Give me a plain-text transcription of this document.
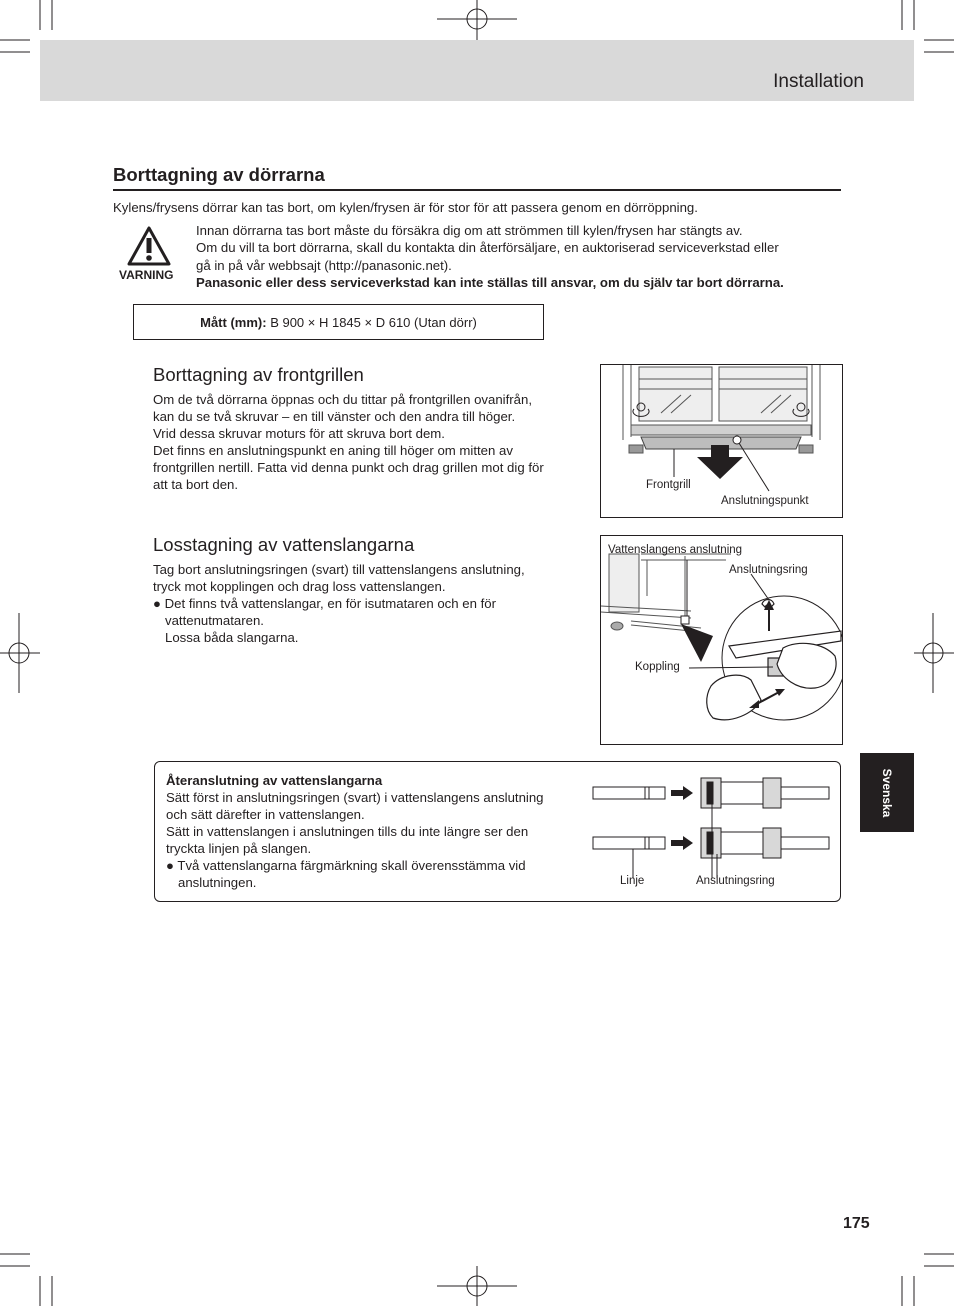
Installation
Borttagning av dörrarna
Kylens/frysens dörrar kan tas bort, om kylen/frysen är för stor för att passera genom en dörröppning.
VARNING
Innan dörrarna tas bort måste du försäkra dig om att strömmen till kylen/frysen har stängts av.
Om du vill ta bort dörrarna, skall du kontakta din återförsäljare, en auktoriserad serviceverkstad eller
gå in på vår webbsajt (http://panasonic.net).
Panasonic eller dess serviceverkstad kan inte ställas till ansvar, om du själv tar bort dörrarna.
Mått (mm):
B 900 × H 1845 × D 610 (Utan dörr)
Borttagning av frontgrillen
Om de två dörrarna öppnas och du tittar på frontgrillen ovanifrån,
kan du se två skruvar – en till vänster och den andra till höger.
Vrid dessa skruvar moturs för att skruva bort dem.
Det finns en anslutningspunkt en aning till höger om mitten av
frontgrillen nertill. Fatta vid denna punkt och drag grillen mot dig för
att ta bort den.	Frontgrill
Anslutningspunkt
Losstagning av vattenslangarna
Tag bort anslutningsringen (svart) till vattenslangens anslutning,
tryck mot kopplingen och drag loss vattenslangen.
● Det finns två vattenslangar, en för isutmataren och en för
vattenutmataren.
Lossa båda slangarna.
Vattenslangens anslutning
Anslutningsring
Koppling
Återanslutning av vattenslangarna
Sätt först in anslutningsringen (svart) i vattenslangens anslutning
och sätt därefter in vattenslangen.
Sätt in vattenslangen i anslutningen tills du inte längre ser den
tryckta linjen på slangen.
● Två vattenslangarna färgmärkning skall överensstämma vid
anslutningen.	Linje	Anslutningsring
Svenska
175
